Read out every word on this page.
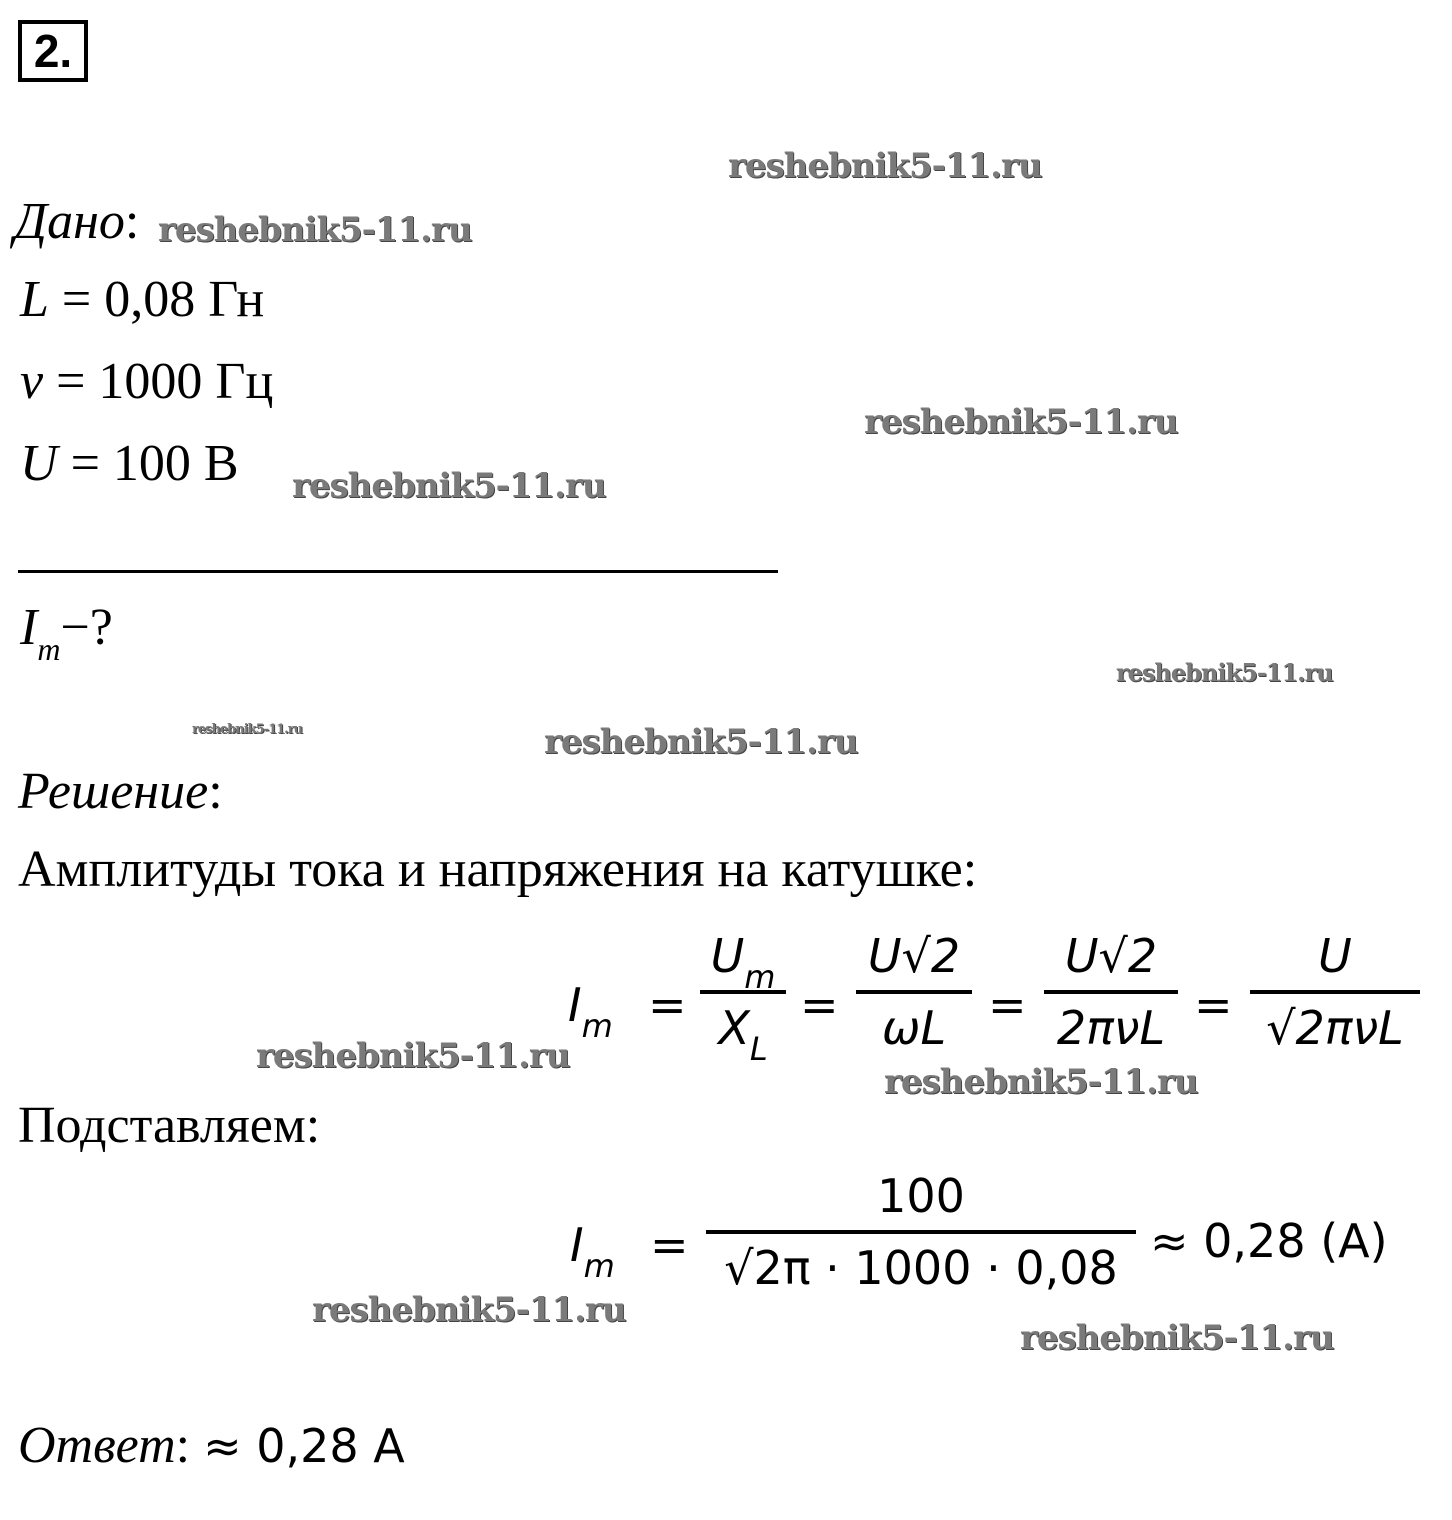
2.
Дано:
L = 0,08 Гн
ν = 1000 Гц
U = 100 В
$I_m-$?
Решение:
Амплитуды тока и напряжения на катушке:
$I_m$ =
$U_m$
$X_L$
=
U√2
ωL =
U√2
2πνL =
U
√2πνL
Подставляем:
$I_m$ =
100
√2π · 1000 · 0,08 ≈ 0,28 (А)
Ответ: ≈ 0,28 А
reshebnik5-11.ru
reshebnik5-11.ru
reshebnik5-11.ru
reshebnik5-11.ru
reshebnik5-11.ru
reshebnik5-11.ru	reshebnik5-11.ru
reshebnik5-11.ru
reshebnik5-11.ru
reshebnik5-11.ru
reshebnik5-11.ru
